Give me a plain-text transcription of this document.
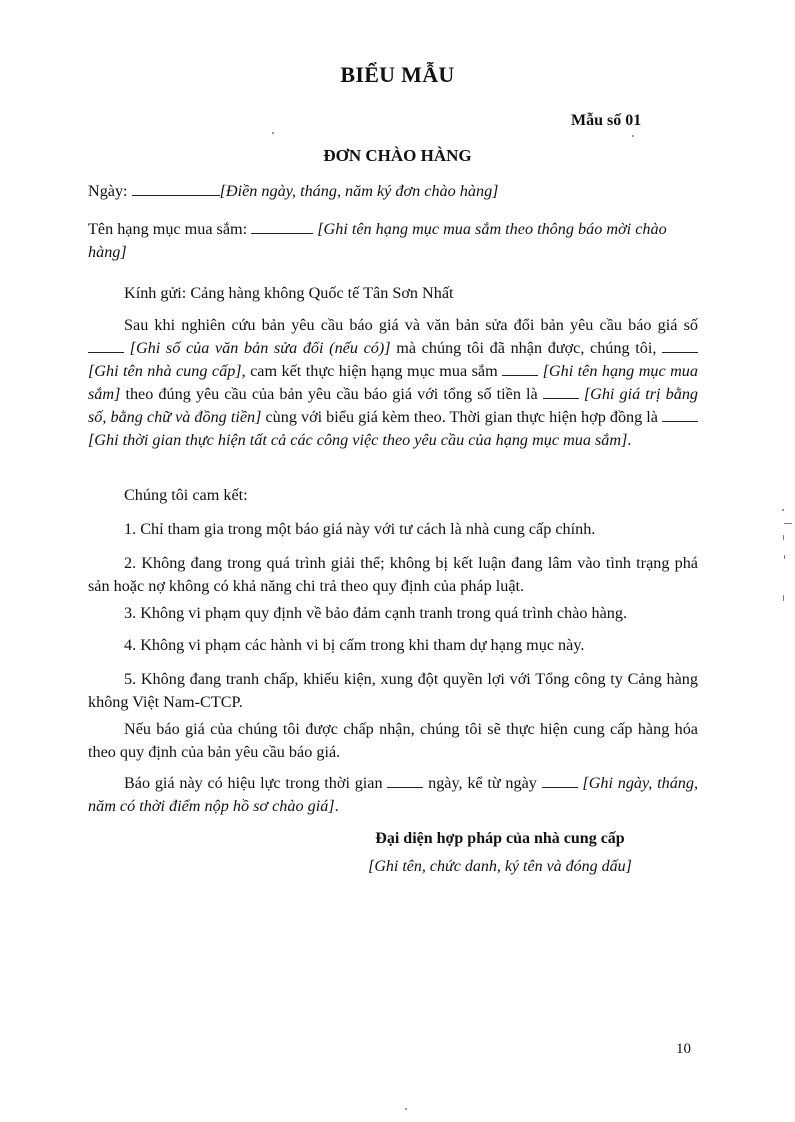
BIỂU MẪU
Mẫu số 01
ĐƠN CHÀO HÀNG
Ngày:	[Điền ngày, tháng, năm ký đơn chào hàng]
Tên hạng mục mua sắm:	[Ghi tên hạng mục mua sắm theo thông báo mời chào hàng]
Kính gửi: Cảng hàng không Quốc tế Tân Sơn Nhất
Sau khi nghiên cứu bản yêu cầu báo giá và văn bản sửa đổi bản yêu cầu báo giá số  [Ghi số của văn bản sửa đổi (nếu có)] mà chúng tôi đã nhận được, chúng tôi,  [Ghi tên nhà cung cấp], cam kết thực hiện hạng mục mua sắm	[Ghi tên hạng mục mua sắm] theo đúng yêu cầu của bản yêu cầu báo giá với tổng số tiền là	[Ghi giá trị bằng số, bằng chữ và đồng tiền] cùng với biểu giá kèm theo. Thời gian thực hiện hợp đồng là  [Ghi thời gian thực hiện tất cả các công việc theo yêu cầu của hạng mục mua sắm].
Chúng tôi cam kết:
1. Chỉ tham gia trong một báo giá này với tư cách là nhà cung cấp chính.
2. Không đang trong quá trình giải thể; không bị kết luận đang lâm vào tình trạng phá sản hoặc nợ không có khả năng chi trả theo quy định của pháp luật.
3. Không vi phạm quy định về bảo đảm cạnh tranh trong quá trình chào hàng.
4. Không vi phạm các hành vi bị cấm trong khi tham dự hạng mục này.
5. Không đang tranh chấp, khiếu kiện, xung đột quyền lợi với Tổng công ty Cảng hàng không Việt Nam-CTCP.
Nếu báo giá của chúng tôi được chấp nhận, chúng tôi sẽ thực hiện cung cấp hàng hóa theo quy định của bản yêu cầu báo giá.
Báo giá này có hiệu lực trong thời gian	ngày, kể từ ngày	[Ghi ngày, tháng, năm có thời điểm nộp hồ sơ chào giá].
Đại diện hợp pháp của nhà cung cấp
[Ghi tên, chức danh, ký tên và đóng dấu]
10
